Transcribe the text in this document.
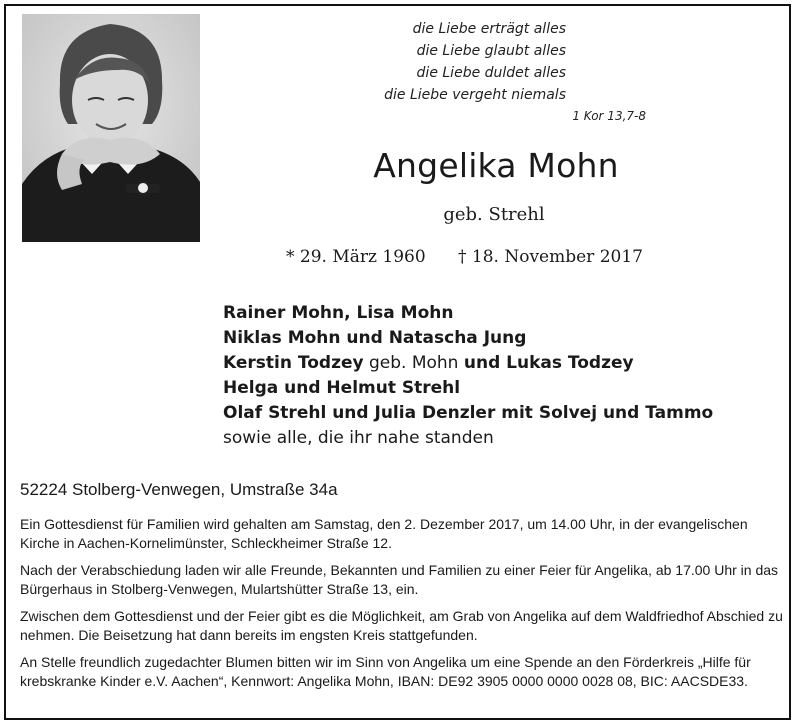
die Liebe erträgt alles
die Liebe glaubt alles
die Liebe duldet alles
die Liebe vergeht niemals
1 Kor 13,7-8
Angelika Mohn
geb. Strehl
* 29. März 1960 † 18. November 2017
Rainer Mohn, Lisa Mohn
Niklas Mohn und Natascha Jung
Kerstin Todzey geb. Mohn und Lukas Todzey
Helga und Helmut Strehl
Olaf Strehl und Julia Denzler mit Solvej und Tammo
sowie alle, die ihr nahe standen
52224 Stolberg-Venwegen, Umstraße 34a

Ein Gottesdienst für Familien wird gehalten am Samstag, den 2. Dezember 2017, um 14.00 Uhr, in der evangelischen Kirche in Aachen-Kornelimünster, Schleckheimer Straße 12.

Nach der Verabschiedung laden wir alle Freunde, Bekannten und Familien zu einer Feier für Angelika, ab 17.00 Uhr in das Bürgerhaus in Stolberg-Venwegen, Mulartshütter Straße 13, ein.

Zwischen dem Gottesdienst und der Feier gibt es die Möglichkeit, am Grab von Angelika auf dem Waldfriedhof Abschied zu nehmen. Die Beisetzung hat dann bereits im engsten Kreis stattgefunden.

An Stelle freundlich zugedachter Blumen bitten wir im Sinn von Angelika um eine Spende an den Förderkreis „Hilfe für krebskranke Kinder e.V. Aachen“, Kennwort: Angelika Mohn, IBAN: DE92 3905 0000 0000 0028 08, BIC: AACSDE33.
